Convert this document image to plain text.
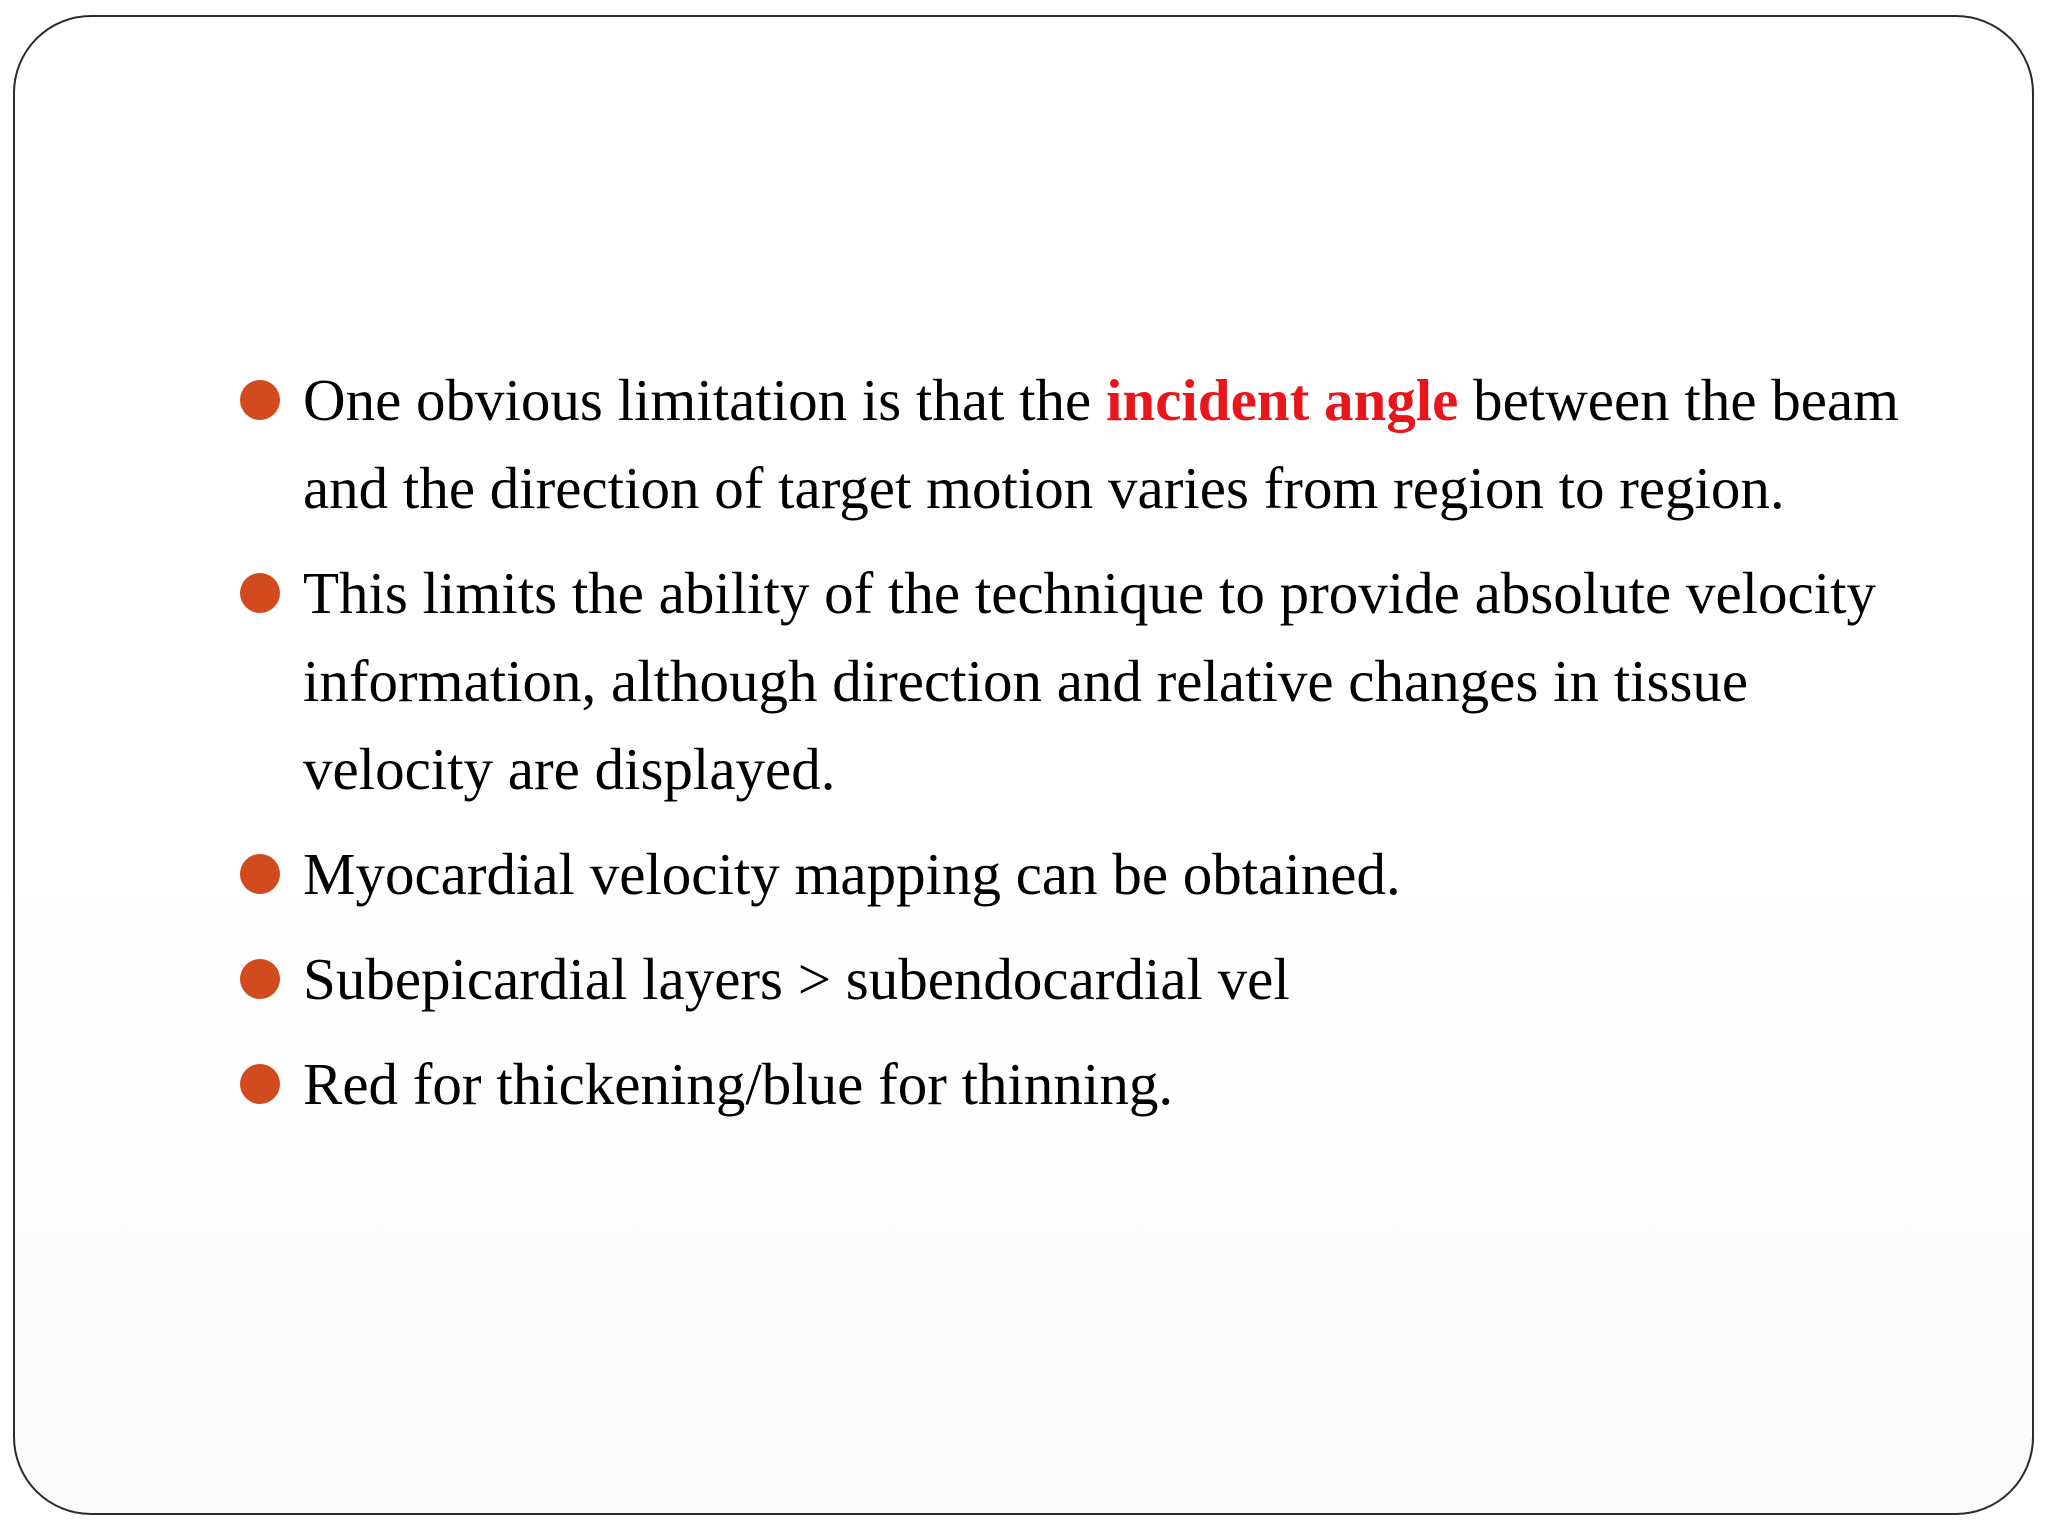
One obvious limitation is that the incident angle between the beam and the direction of target motion varies from region to region.
This limits the ability of the technique to provide absolute velocity information, although direction and relative changes in tissue velocity are displayed.
Myocardial velocity mapping can be obtained.
Subepicardial layers > subendocardial vel
Red for thickening/blue for thinning.
